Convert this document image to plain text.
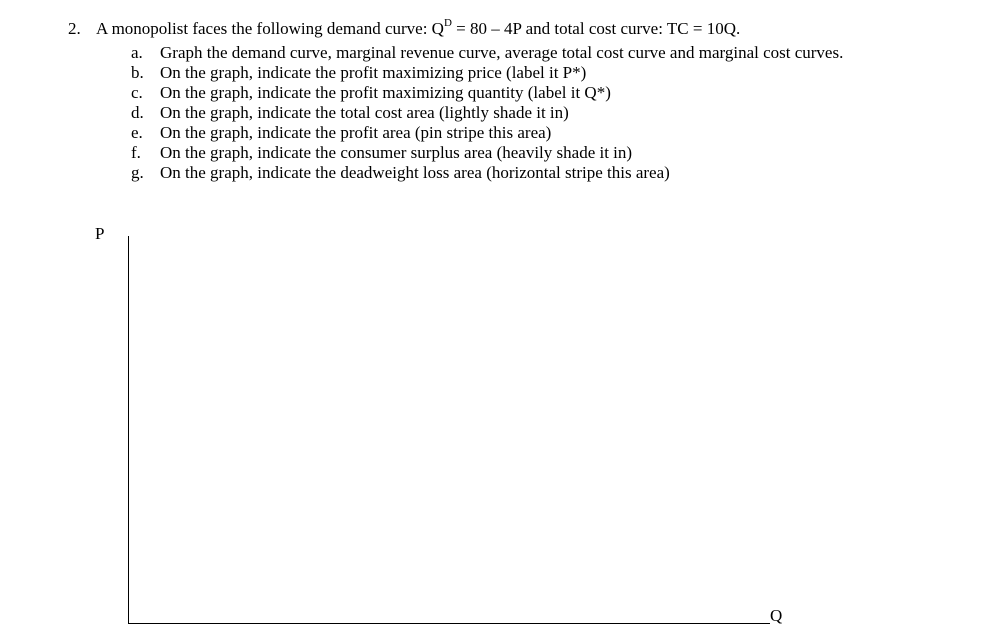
2. A monopolist faces the following demand curve: $Q^D = 80 - 4P$ and total cost curve: TC = 10Q.
a.	Graph the demand curve, marginal revenue curve, average total cost curve and marginal cost curves.
b. On the graph, indicate the profit maximizing price (label it P*)
c.	On the graph, indicate the profit maximizing quantity (label it Q*)
d. On the graph, indicate the total cost area (lightly shade it in)
e.	On the graph, indicate the profit area (pin stripe this area)
f.	On the graph, indicate the consumer surplus area (heavily shade it in)
g. On the graph, indicate the deadweight loss area (horizontal stripe this area)
P
Q
